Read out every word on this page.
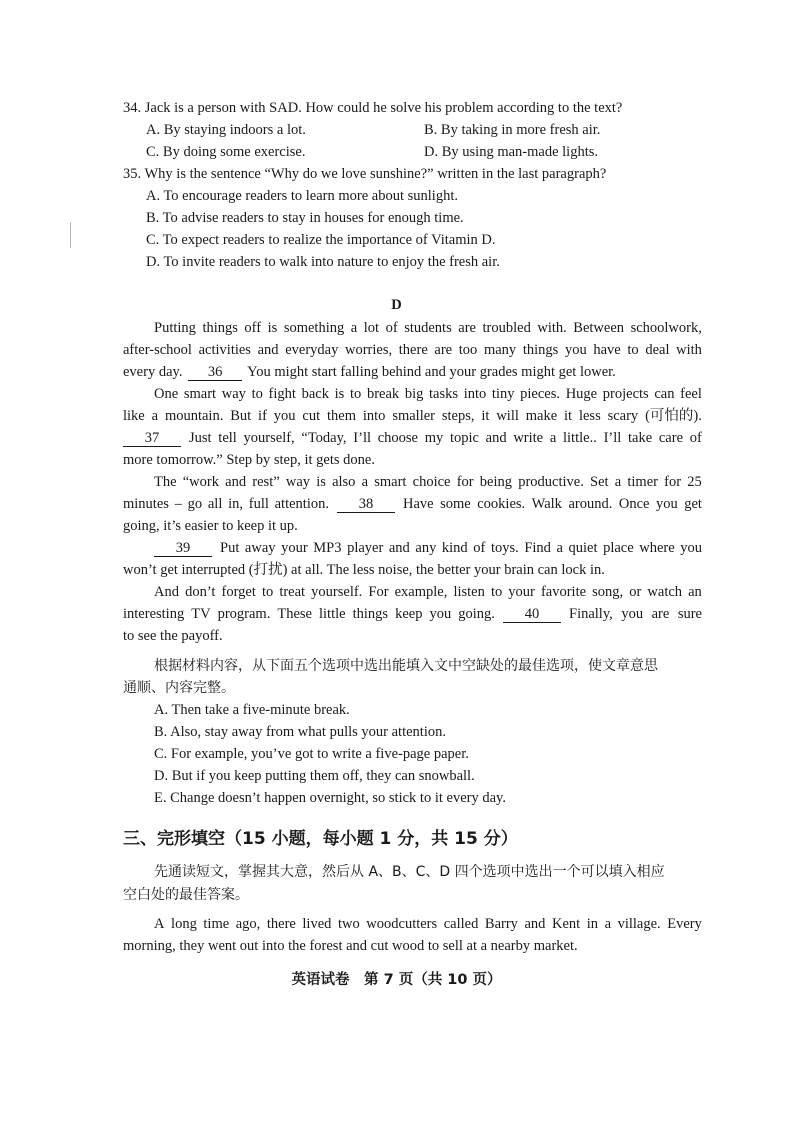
34. Jack is a person with SAD. How could he solve his problem according to the text?
A. By staying indoors a lot.	B. By taking in more fresh air.
C. By doing some exercise.	D. By using man-made lights.
35. Why is the sentence “Why do we love sunshine?” written in the last paragraph?
A. To encourage readers to learn more about sunlight.
B. To advise readers to stay in houses for enough time.
C. To expect readers to realize the importance of Vitamin D.
D. To invite readers to walk into nature to enjoy the fresh air.
D
Putting things off is something a lot of students are troubled with. Between schoolwork,
after-school activities and everyday worries, there are too many things you have to deal with
every day. 36 You might start falling behind and your grades might get lower.
One smart way to fight back is to break big tasks into tiny pieces. Huge projects can feel
like a mountain. But if you cut them into smaller steps, it will make it less scary (可怕的).
37	Just tell yourself, “Today, I’ll choose my topic and write a little.. I’ll take care of
more tomorrow.” Step by step, it gets done.
The “work and rest” way is also a smart choice for being productive. Set a timer for 25
minutes – go all in, full attention.	38	Have some cookies. Walk around. Once you get
going, it’s easier to keep it up.
39	Put away your MP3 player and any kind of toys. Find a quiet place where you
won’t get interrupted (打扰) at all. The less noise, the better your brain can lock in.
And don’t forget to treat yourself. For example, listen to your favorite song, or watch an
interesting TV program. These little things keep you going.	40	Finally, you are sure
to see the payoff.
根据材料内容，从下面五个选项中选出能填入文中空缺处的最佳选项，使文章意思
通顺、内容完整。
A. Then take a five-minute break.
B. Also, stay away from what pulls your attention.
C. For example, you’ve got to write a five-page paper.
D. But if you keep putting them off, they can snowball.
E. Change doesn’t happen overnight, so stick to it every day.
三、完形填空（15 小题，每小题 1 分，共 15 分）
先通读短文，掌握其大意，然后从 A、B、C、D 四个选项中选出一个可以填入相应
空白处的最佳答案。
A long time ago, there lived two woodcutters called Barry and Kent in a village. Every
morning, they went out into the forest and cut wood to sell at a nearby market.
英语试卷　第 7 页（共 10 页）
